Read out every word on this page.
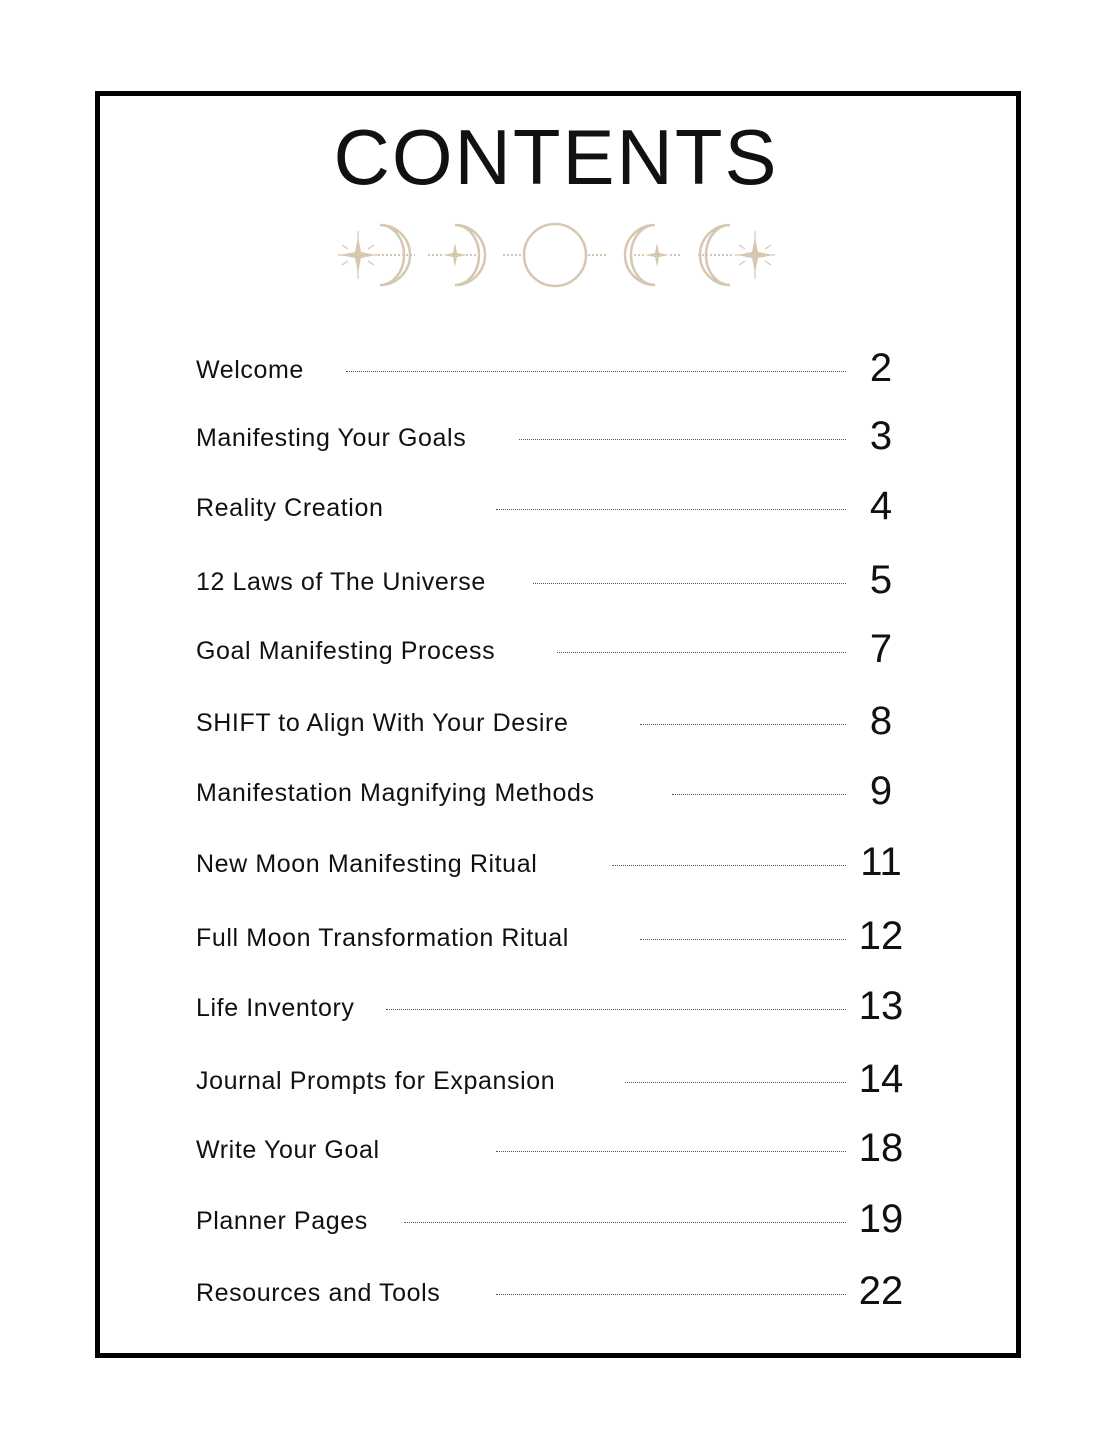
CONTENTS
Welcome	2
Manifesting Your Goals	3
Reality Creation	4
12 Laws of The Universe	5
Goal Manifesting Process	7
SHIFT to Align With Your Desire	8
Manifestation Magnifying Methods	9
New Moon Manifesting Ritual	11
Full Moon Transformation Ritual	12
Life Inventory	13
Journal Prompts for Expansion	14
Write Your Goal	18
Planner Pages	19
Resources and Tools	22
